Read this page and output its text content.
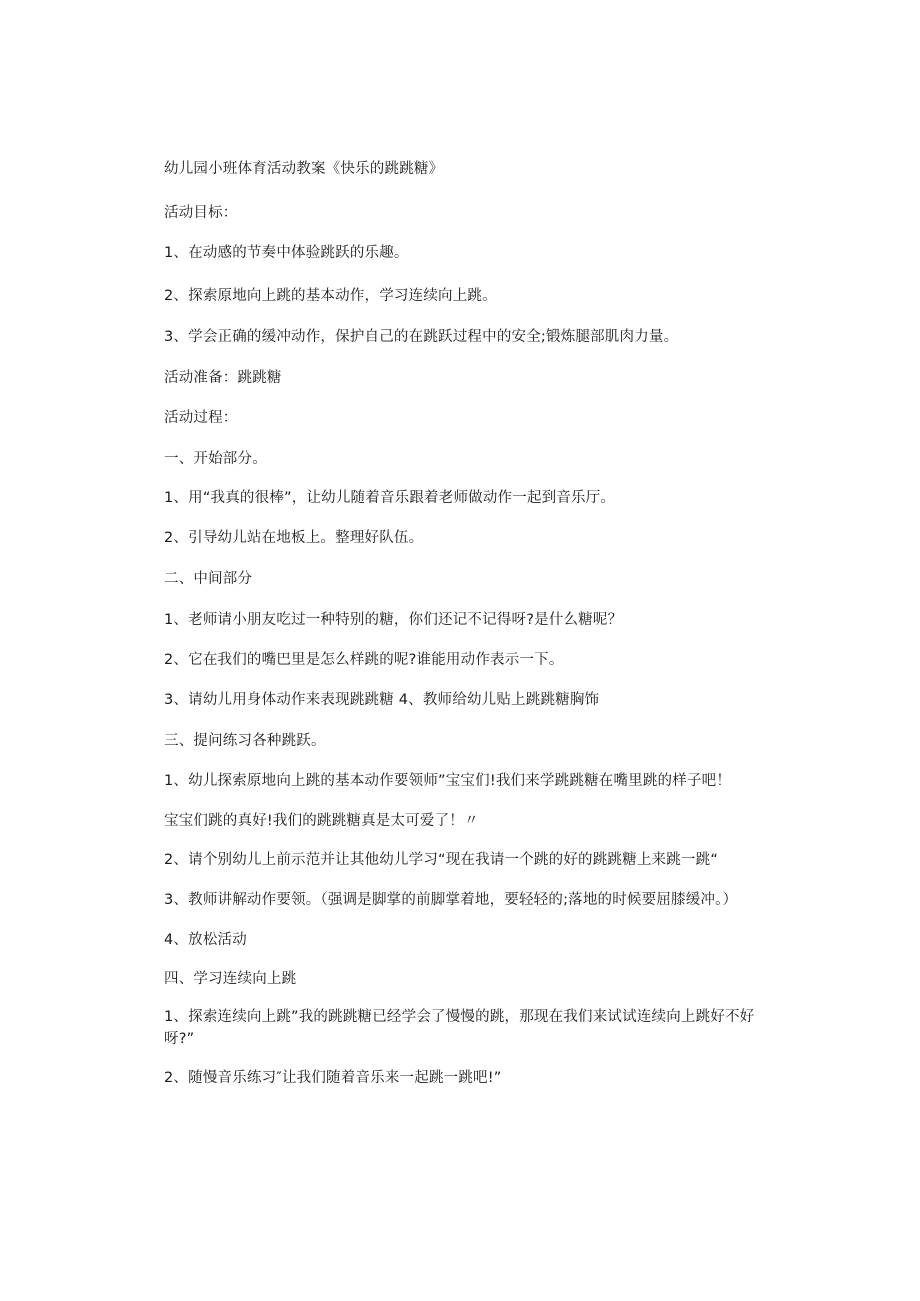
幼儿园小班体育活动教案《快乐的跳跳糖》
活动目标：
1、在动感的节奏中体验跳跃的乐趣。
2、探索原地向上跳的基本动作，学习连续向上跳。
3、学会正确的缓冲动作，保护自己的在跳跃过程中的安全;锻炼腿部肌肉力量。
活动准备：跳跳糖
活动过程：
一、开始部分。
1、用“我真的很棒”，让幼儿随着音乐跟着老师做动作一起到音乐厅。
2、引导幼儿站在地板上。整理好队伍。
二、中间部分
1、老师请小朋友吃过一种特别的糖，你们还记不记得呀?是什么糖呢？
2、它在我们的嘴巴里是怎么样跳的呢?谁能用动作表示一下。
3、请幼儿用身体动作来表现跳跳糖 4、教师给幼儿贴上跳跳糖胸饰
三、提问练习各种跳跃。
1、幼儿探索原地向上跳的基本动作要领师”宝宝们!我们来学跳跳糖在嘴里跳的样子吧！
宝宝们跳的真好!我们的跳跳糖真是太可爱了！〃
2、请个别幼儿上前示范并让其他幼儿学习“现在我请一个跳的好的跳跳糖上来跳一跳“
3、教师讲解动作要领。（强调是脚掌的前脚掌着地，要轻轻的;落地的时候要屈膝缓冲。）
4、放松活动
四、学习连续向上跳
1、探索连续向上跳”我的跳跳糖已经学会了慢慢的跳，那现在我们来试试连续向上跳好不好呀?”
2、随慢音乐练习″让我们随着音乐来一起跳一跳吧!”
